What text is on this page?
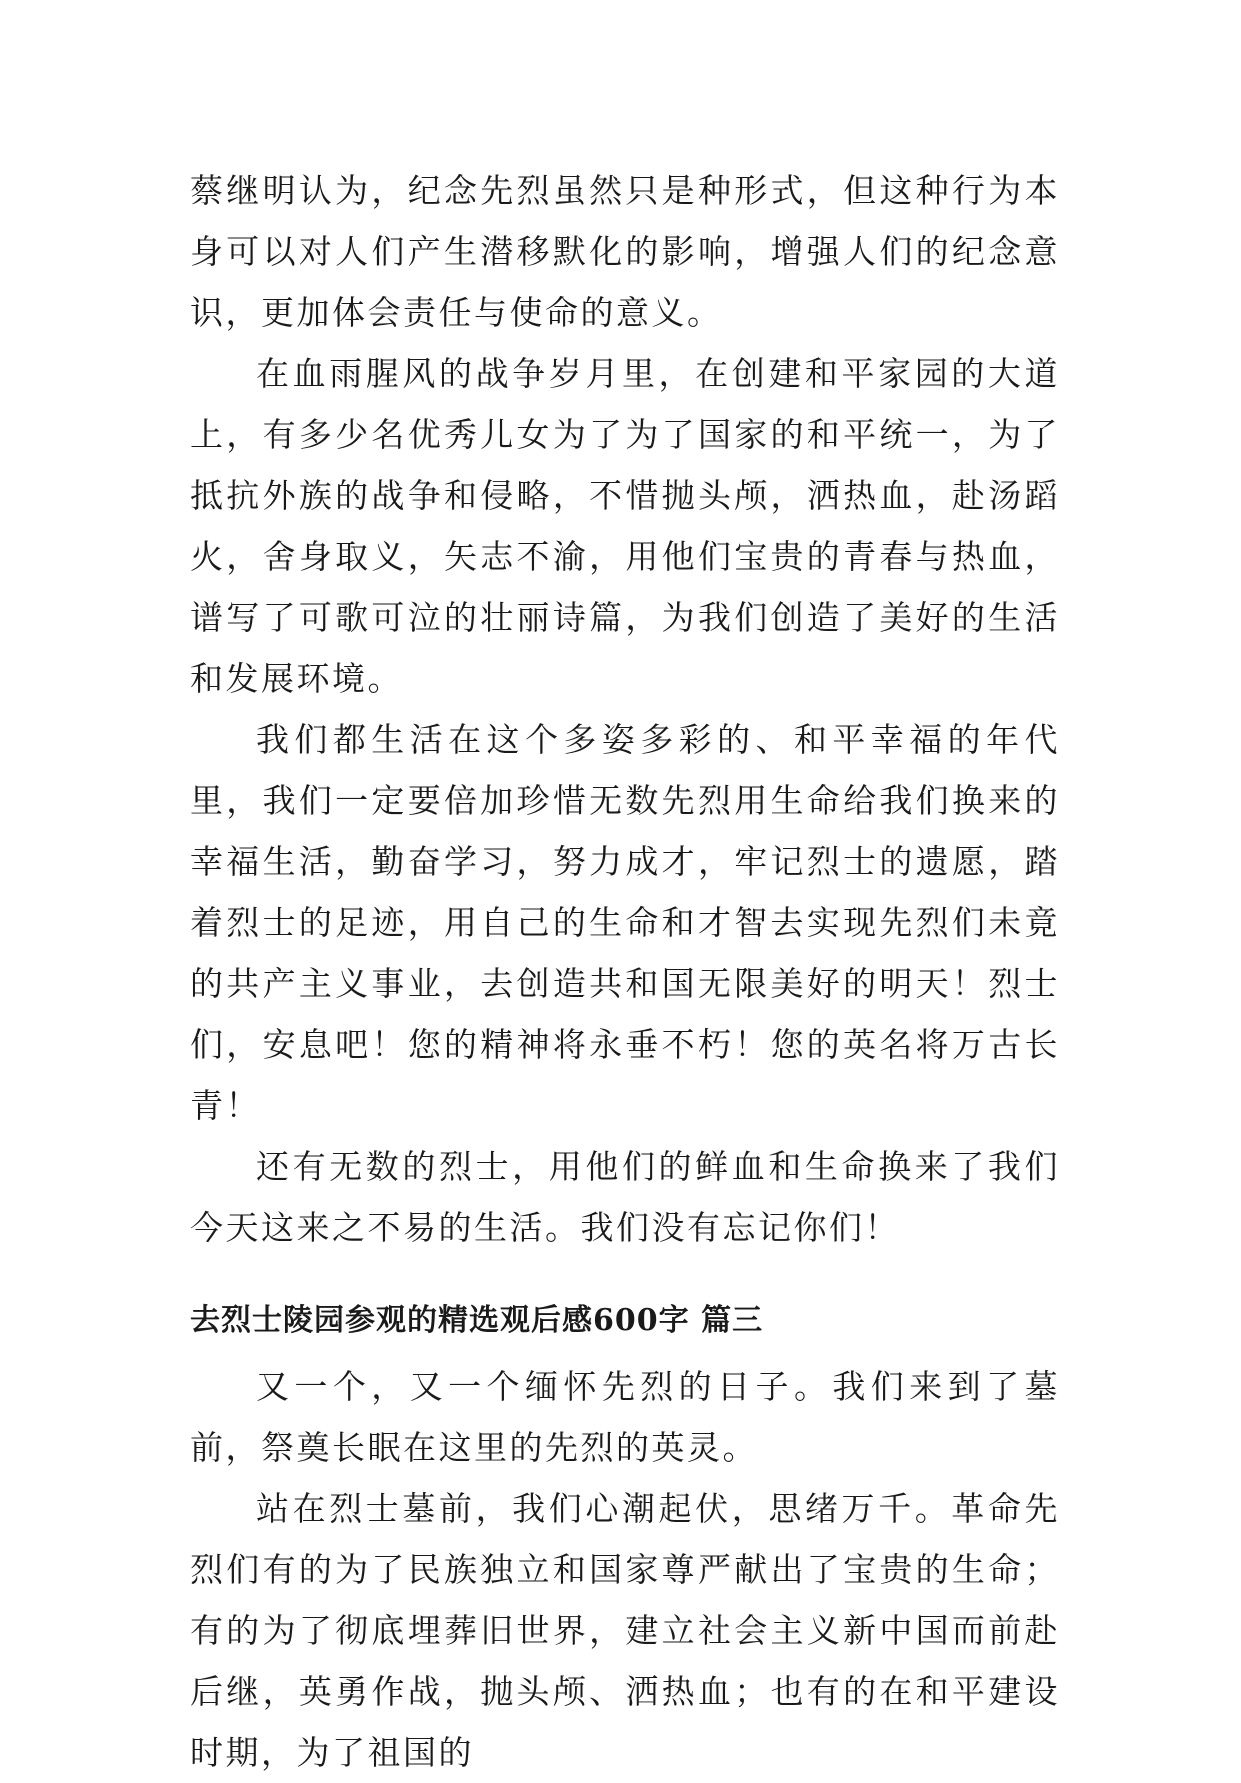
蔡继明认为，纪念先烈虽然只是种形式，但这种行为本身可以对人们产生潜移默化的影响，增强人们的纪念意识，更加体会责任与使命的意义。

在血雨腥风的战争岁月里，在创建和平家园的大道上，有多少名优秀儿女为了为了国家的和平统一，为了抵抗外族的战争和侵略，不惜抛头颅，洒热血，赴汤蹈火，舍身取义，矢志不渝，用他们宝贵的青春与热血，谱写了可歌可泣的壮丽诗篇，为我们创造了美好的生活和发展环境。

我们都生活在这个多姿多彩的、和平幸福的年代里，我们一定要倍加珍惜无数先烈用生命给我们换来的幸福生活，勤奋学习，努力成才，牢记烈士的遗愿，踏着烈士的足迹，用自己的生命和才智去实现先烈们未竟的共产主义事业，去创造共和国无限美好的明天！烈士们，安息吧！您的精神将永垂不朽！您的英名将万古长青！

还有无数的烈士，用他们的鲜血和生命换来了我们今天这来之不易的生活。我们没有忘记你们！

去烈士陵园参观的精选观后感600字 篇三

又一个，又一个缅怀先烈的日子。我们来到了墓前，祭奠长眠在这里的先烈的英灵。

站在烈士墓前，我们心潮起伏，思绪万千。革命先烈们有的为了民族独立和国家尊严献出了宝贵的生命；有的为了彻底埋葬旧世界，建立社会主义新中国而前赴后继，英勇作战，抛头颅、洒热血；也有的在和平建设时期，为了祖国的
